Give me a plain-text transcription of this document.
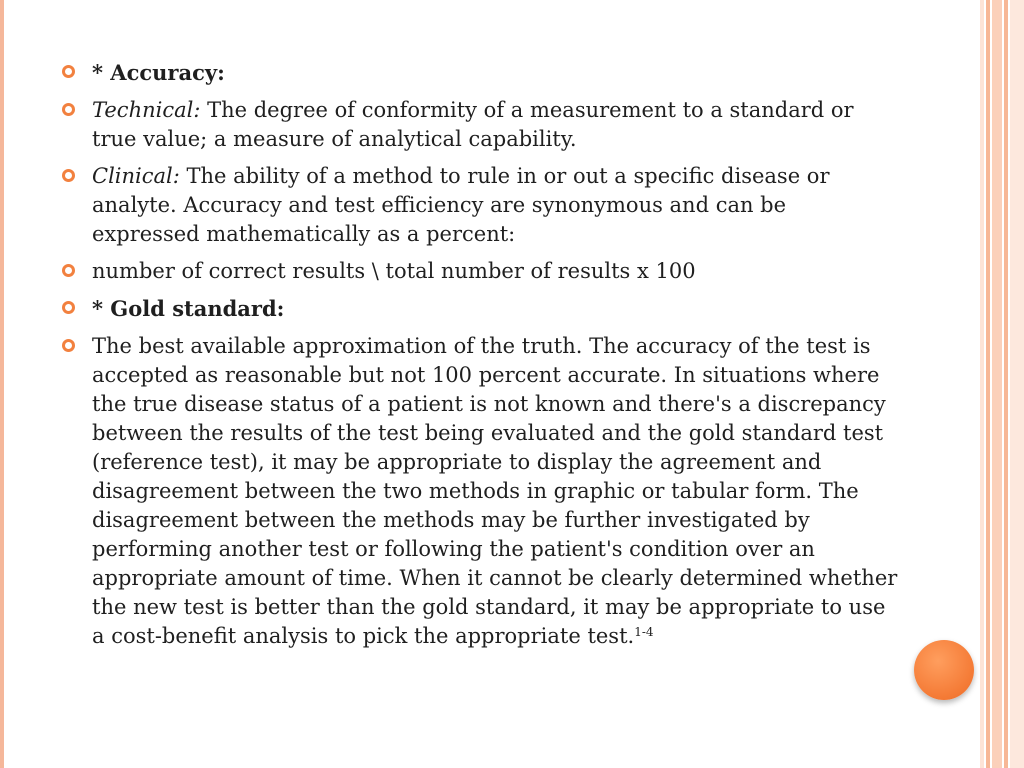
* Accuracy:
Technical: The degree of conformity of a measurement to a standard or true value; a measure of analytical capability.
Clinical: The ability of a method to rule in or out a specific disease or analyte. Accuracy and test efficiency are synonymous and can be expressed mathematically as a percent:
number of correct results \ total number of results x 100
* Gold standard:
The best available approximation of the truth. The accuracy of the test is accepted as reasonable but not 100 percent accurate. In situations where the true disease status of a patient is not known and there's a discrepancy between the results of the test being evaluated and the gold standard test (reference test), it may be appropriate to display the agreement and disagreement between the two methods in graphic or tabular form. The disagreement between the methods may be further investigated by performing another test or following the patient's condition over an appropriate amount of time. When it cannot be clearly determined whether the new test is better than the gold standard, it may be appropriate to use a cost-benefit analysis to pick the appropriate test.$^{1-4}$
